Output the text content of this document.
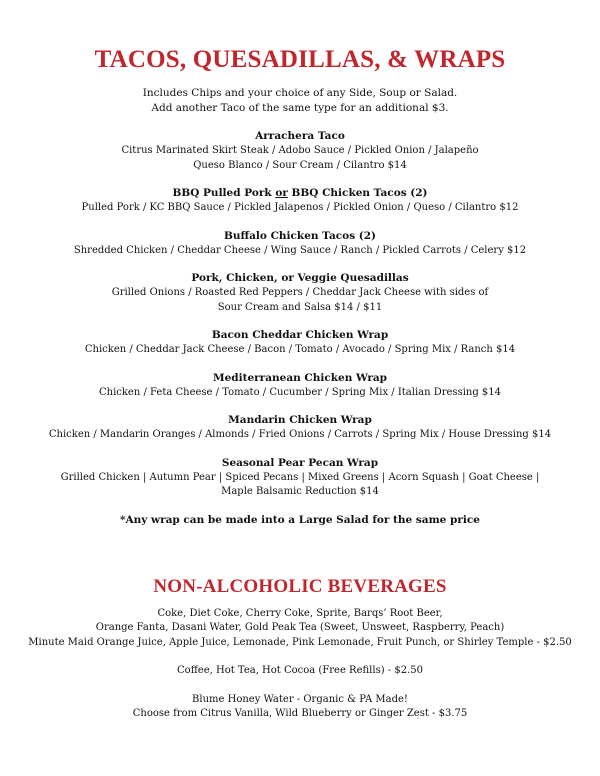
TACOS, QUESADILLAS, & WRAPS
Includes Chips and your choice of any Side, Soup or Salad.
Add another Taco of the same type for an additional $3.
Arrachera Taco
Citrus Marinated Skirt Steak / Adobo Sauce / Pickled Onion / Jalapeño
Queso Blanco / Sour Cream / Cilantro $14
BBQ Pulled Pork or BBQ Chicken Tacos (2)
Pulled Pork / KC BBQ Sauce / Pickled Jalapenos / Pickled Onion / Queso / Cilantro $12
Buffalo Chicken Tacos (2)
Shredded Chicken / Cheddar Cheese / Wing Sauce / Ranch / Pickled Carrots / Celery $12
Pork, Chicken, or Veggie Quesadillas
Grilled Onions / Roasted Red Peppers / Cheddar Jack Cheese with sides of
Sour Cream and Salsa $14 / $11
Bacon Cheddar Chicken Wrap
Chicken / Cheddar Jack Cheese / Bacon / Tomato / Avocado / Spring Mix / Ranch $14
Mediterranean Chicken Wrap
Chicken / Feta Cheese / Tomato / Cucumber / Spring Mix / Italian Dressing $14
Mandarin Chicken Wrap
Chicken / Mandarin Oranges / Almonds / Fried Onions / Carrots / Spring Mix / House Dressing $14
Seasonal Pear Pecan Wrap
Grilled Chicken | Autumn Pear | Spiced Pecans | Mixed Greens | Acorn Squash | Goat Cheese |
Maple Balsamic Reduction $14
*Any wrap can be made into a Large Salad for the same price
NON-ALCOHOLIC BEVERAGES
Coke, Diet Coke, Cherry Coke, Sprite, Barqs’ Root Beer,
Orange Fanta, Dasani Water, Gold Peak Tea (Sweet, Unsweet, Raspberry, Peach)
Minute Maid Orange Juice, Apple Juice, Lemonade, Pink Lemonade, Fruit Punch, or Shirley Temple - $2.50
Coffee, Hot Tea, Hot Cocoa (Free Refills) - $2.50
Blume Honey Water - Organic & PA Made!
Choose from Citrus Vanilla, Wild Blueberry or Ginger Zest - $3.75
